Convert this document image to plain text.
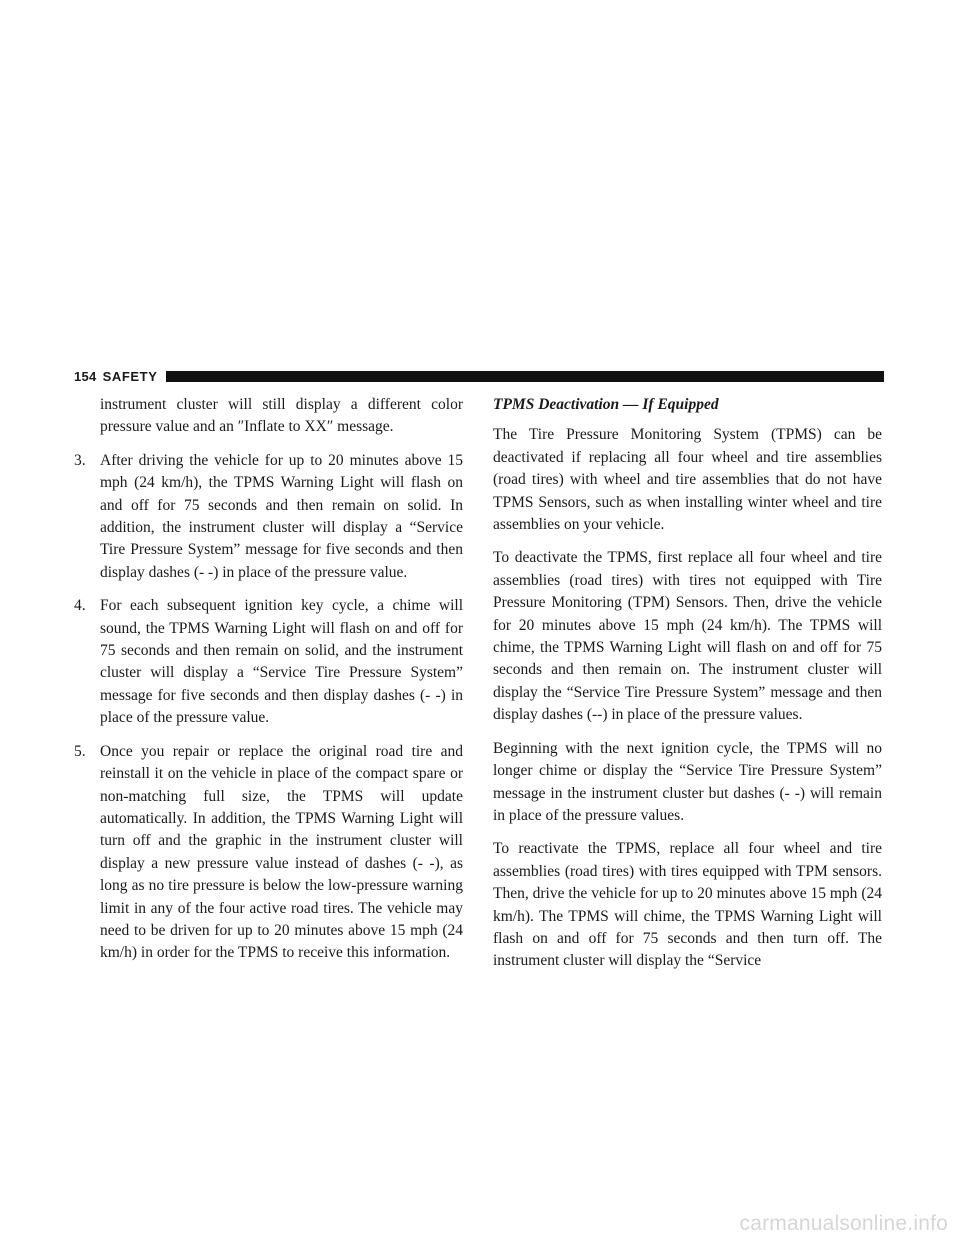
154 SAFETY
instrument cluster will still display a different color pressure value and an ″Inflate to XX″ message.
3. After driving the vehicle for up to 20 minutes above 15 mph (24 km/h), the TPMS Warning Light will flash on and off for 75 seconds and then remain on solid. In addition, the instrument cluster will display a “Service Tire Pressure System” message for five seconds and then display dashes (- -) in place of the pressure value.
4. For each subsequent ignition key cycle, a chime will sound, the TPMS Warning Light will flash on and off for 75 seconds and then remain on solid, and the instrument cluster will display a “Service Tire Pressure System” message for five seconds and then display dashes (- -) in place of the pressure value.
5. Once you repair or replace the original road tire and reinstall it on the vehicle in place of the compact spare or non-matching full size, the TPMS will update automatically. In addition, the TPMS Warning Light will turn off and the graphic in the instrument cluster will display a new pressure value instead of dashes (- -), as long as no tire pressure is below the low-pressure warning limit in any of the four active road tires. The vehicle may need to be driven for up to 20 minutes above 15 mph (24 km/h) in order for the TPMS to receive this information.
TPMS Deactivation — If Equipped
The Tire Pressure Monitoring System (TPMS) can be deactivated if replacing all four wheel and tire assemblies (road tires) with wheel and tire assemblies that do not have TPMS Sensors, such as when installing winter wheel and tire assemblies on your vehicle.
To deactivate the TPMS, first replace all four wheel and tire assemblies (road tires) with tires not equipped with Tire Pressure Monitoring (TPM) Sensors. Then, drive the vehicle for 20 minutes above 15 mph (24 km/h). The TPMS will chime, the TPMS Warning Light will flash on and off for 75 seconds and then remain on. The instrument cluster will display the “Service Tire Pressure System” message and then display dashes (--) in place of the pressure values.
Beginning with the next ignition cycle, the TPMS will no longer chime or display the “Service Tire Pressure System” message in the instrument cluster but dashes (- -) will remain in place of the pressure values.
To reactivate the TPMS, replace all four wheel and tire assemblies (road tires) with tires equipped with TPM sensors. Then, drive the vehicle for up to 20 minutes above 15 mph (24 km/h). The TPMS will chime, the TPMS Warning Light will flash on and off for 75 seconds and then turn off. The instrument cluster will display the “Service
carmanualsonline.info
